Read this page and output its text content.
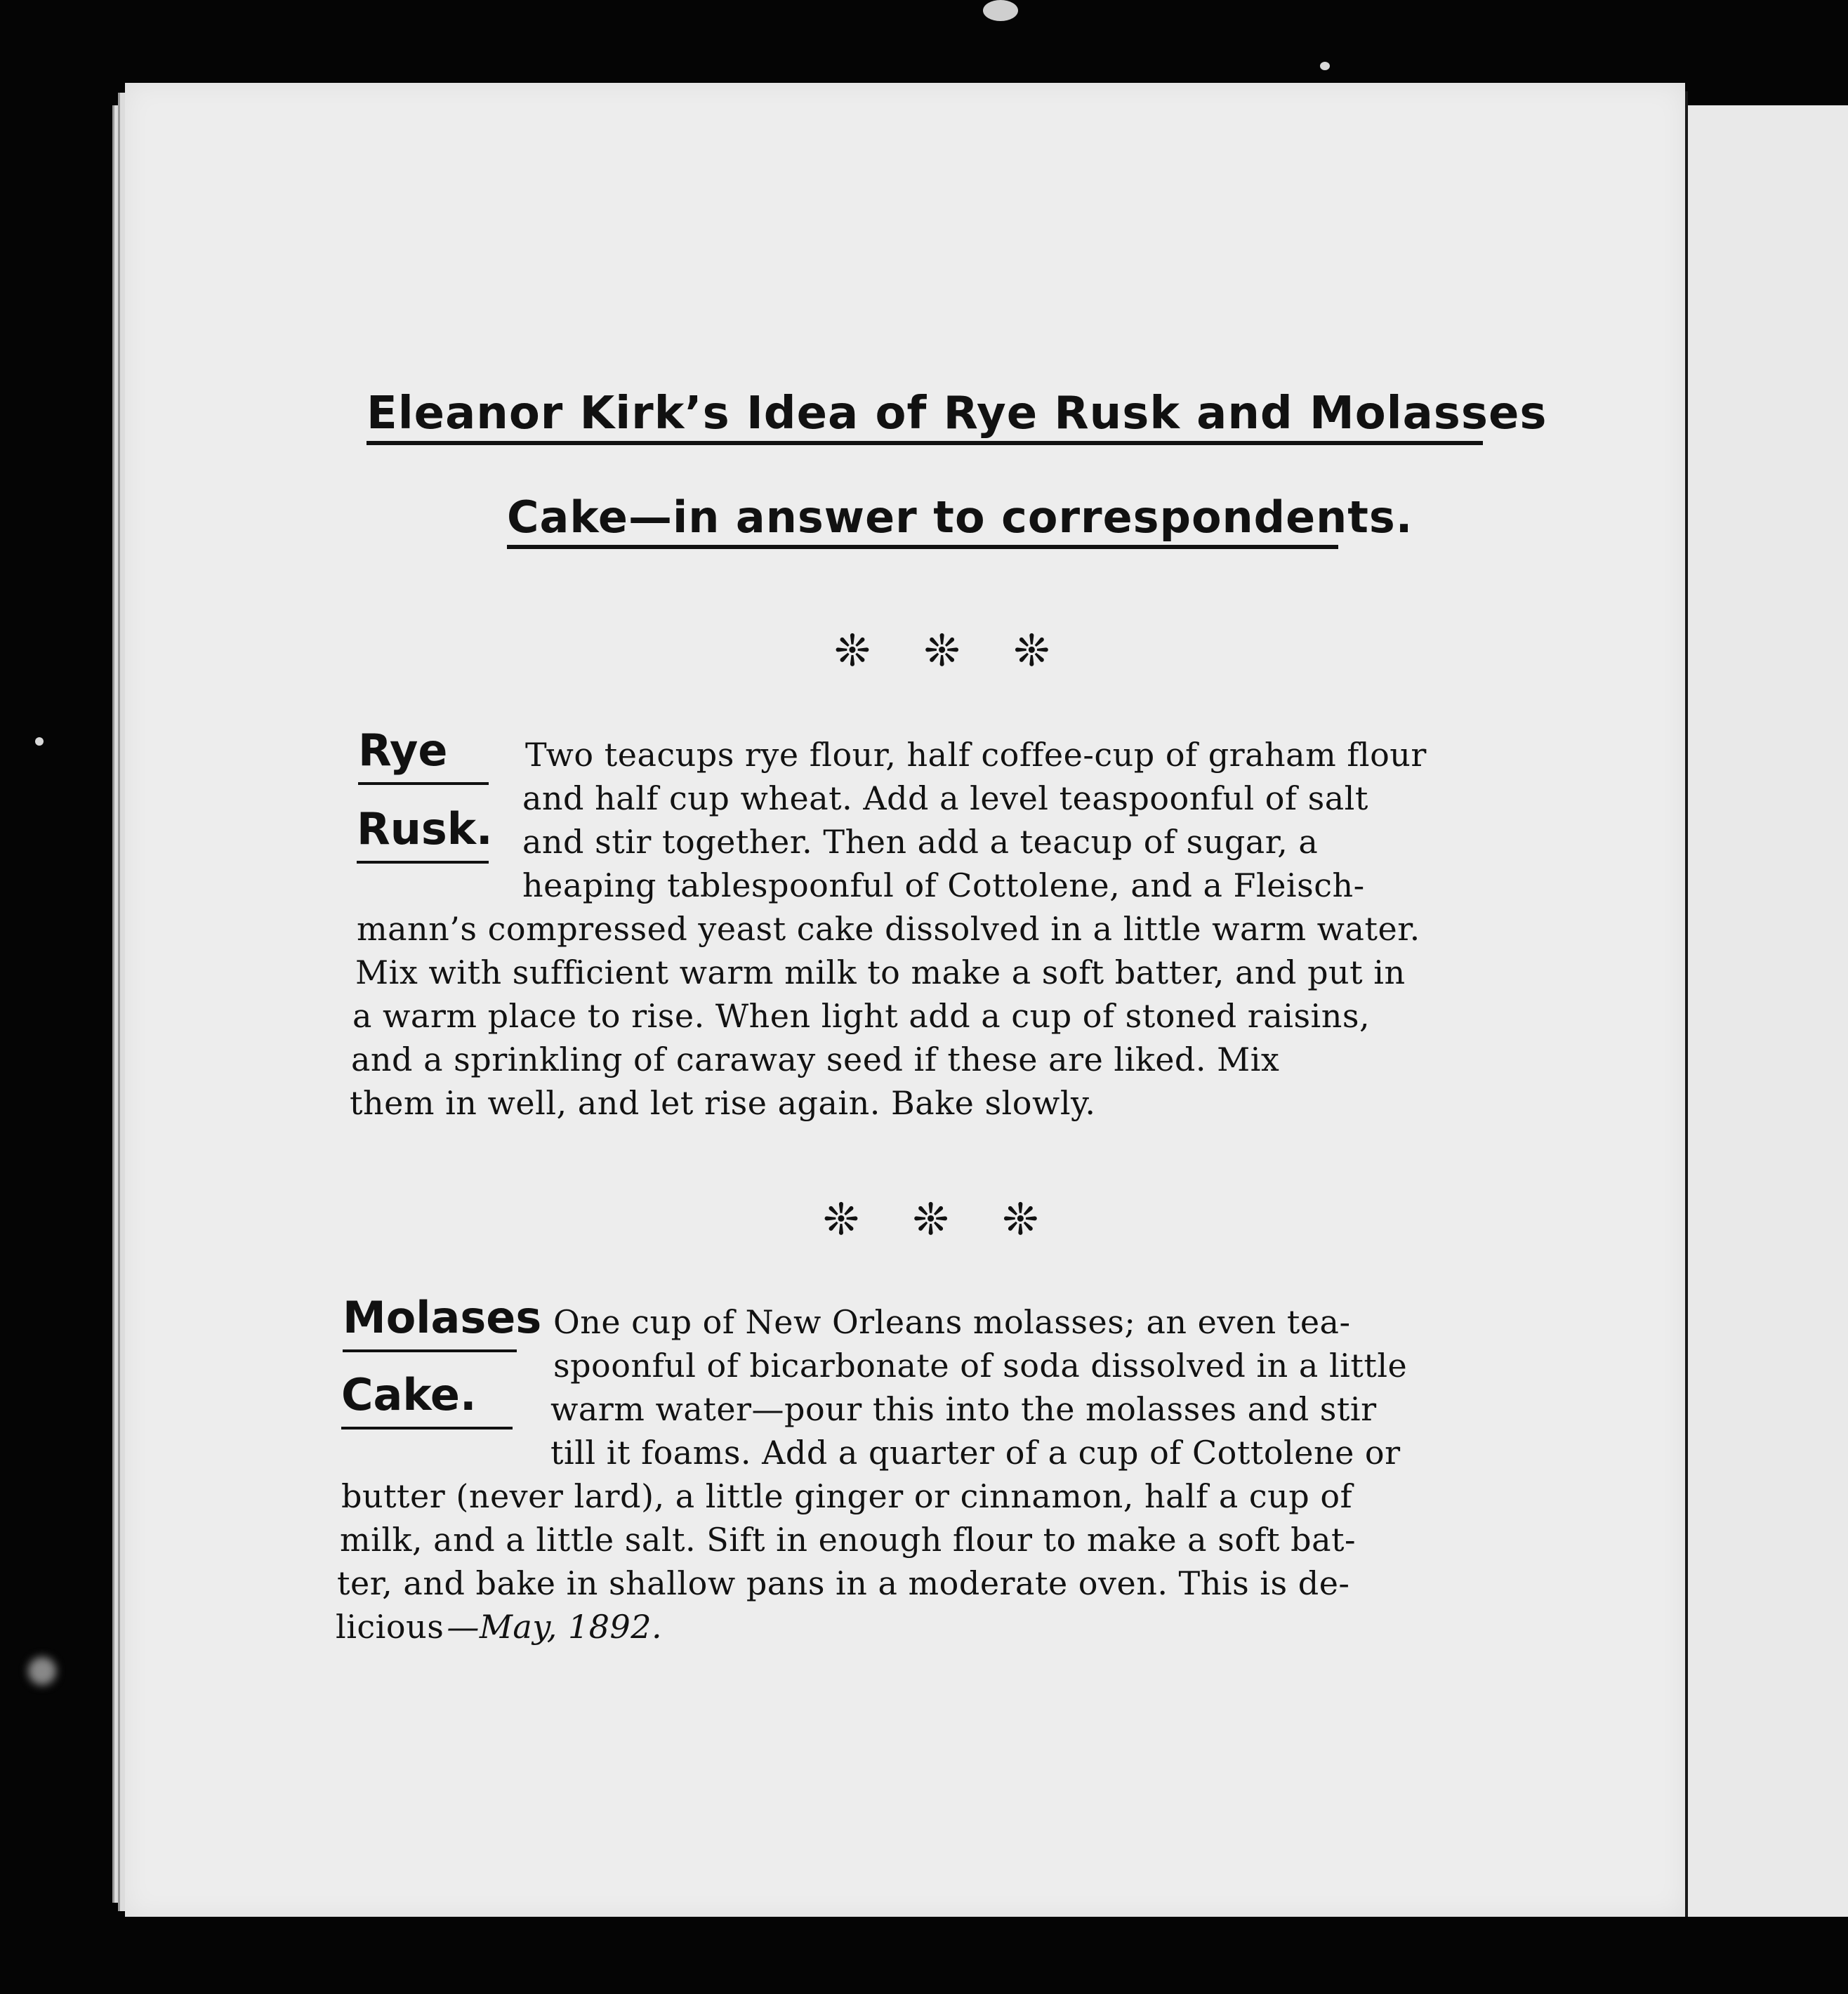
Eleanor Kirk’s Idea of Rye Rusk and Molasses
Cake—in answer to correspondents.
❊ ❊ ❊
Rye
Rusk.
Two teacups rye flour, half coffee-cup of graham flour
and half cup wheat. Add a level teaspoonful of salt
and stir together. Then add a teacup of sugar, a
heaping tablespoonful of Cottolene, and a Fleisch-
mann’s compressed yeast cake dissolved in a little warm water.
Mix with sufficient warm milk to make a soft batter, and put in
a warm place to rise. When light add a cup of stoned raisins,
and a sprinkling of caraway seed if these are liked. Mix
them in well, and let rise again. Bake slowly.
❊ ❊ ❊
Molases
Cake.
One cup of New Orleans molasses; an even tea-
spoonful of bicarbonate of soda dissolved in a little
warm water—pour this into the molasses and stir
till it foams. Add a quarter of a cup of Cottolene or
butter (never lard), a little ginger or cinnamon, half a cup of
milk, and a little salt. Sift in enough flour to make a soft bat-
ter, and bake in shallow pans in a moderate oven. This is de-
licious —May, 1892.
